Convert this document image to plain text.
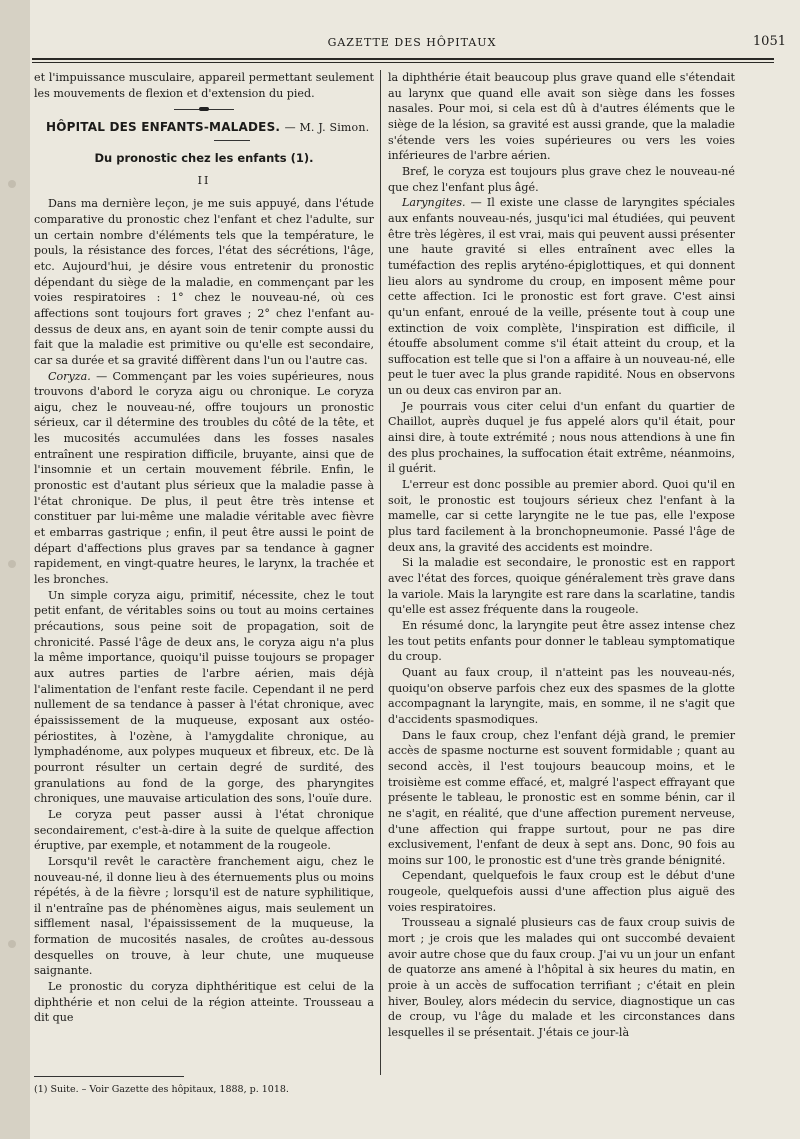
GAZETTE DES HÔPITAUX	1051

et l'impuissance musculaire, appareil permettant seulement les mouvements de flexion et d'extension du pied.

HÔPITAL DES ENFANTS-MALADES. — M. J. Simon.
Du pronostic chez les enfants (1).
II

Dans ma dernière leçon, je me suis appuyé, dans l'étude comparative du pronostic chez l'enfant et chez l'adulte, sur un certain nombre d'éléments tels que la température, le pouls, la résistance des forces, l'état des sécrétions, l'âge, etc. Aujourd'hui, je désire vous entretenir du pronostic dépendant du siège de la maladie, en commençant par les voies respiratoires : 1° chez le nouveau-né, où ces affections sont toujours fort graves ; 2° chez l'enfant au-dessus de deux ans, en ayant soin de tenir compte aussi du fait que la maladie est primitive ou qu'elle est secondaire, car sa durée et sa gravité diffèrent dans l'un ou l'autre cas.

Coryza. — Commençant par les voies supérieures, nous trouvons d'abord le coryza aigu ou chronique. Le coryza aigu, chez le nouveau-né, offre toujours un pronostic sérieux, car il détermine des troubles du côté de la tête, et les mucosités accumulées dans les fosses nasales entraînent une respiration difficile, bruyante, ainsi que de l'insomnie et un certain mouvement fébrile. Enfin, le pronostic est d'autant plus sérieux que la maladie passe à l'état chronique. De plus, il peut être très intense et constituer par lui-même une maladie véritable avec fièvre et embarras gastrique ; enfin, il peut être aussi le point de départ d'affections plus graves par sa tendance à gagner rapidement, en vingt-quatre heures, le larynx, la trachée et les bronches.

Un simple coryza aigu, primitif, nécessite, chez le tout petit enfant, de véritables soins ou tout au moins certaines précautions, sous peine soit de propagation, soit de chronicité. Passé l'âge de deux ans, le coryza aigu n'a plus la même importance, quoiqu'il puisse toujours se propager aux autres parties de l'arbre aérien, mais déjà l'alimentation de l'enfant reste facile. Cependant il ne perd nullement de sa tendance à passer à l'état chronique, avec épaississement de la muqueuse, exposant aux ostéo-périostites, à l'ozène, à l'amygdalite chronique, au lymphadénome, aux polypes muqueux et fibreux, etc. De là pourront résulter un certain degré de surdité, des granulations au fond de la gorge, des pharyngites chroniques, une mauvaise articulation des sons, l'ouïe dure.

Le coryza peut passer aussi à l'état chronique secondairement, c'est-à-dire à la suite de quelque affection éruptive, par exemple, et notamment de la rougeole.

Lorsqu'il revêt le caractère franchement aigu, chez le nouveau-né, il donne lieu à des éternuements plus ou moins répétés, à de la fièvre ; lorsqu'il est de nature syphilitique, il n'entraîne pas de phénomènes aigus, mais seulement un sifflement nasal, l'épaississement de la muqueuse, la formation de mucosités nasales, de croûtes au-dessous desquelles on trouve, à leur chute, une muqueuse saignante.

Le pronostic du coryza diphthéritique est celui de la diphthérie et non celui de la région atteinte. Trousseau a dit que

la diphthérie était beaucoup plus grave quand elle s'étendait au larynx que quand elle avait son siège dans les fosses nasales. Pour moi, si cela est dû à d'autres éléments que le siège de la lésion, sa gravité est aussi grande, que la maladie s'étende vers les voies supérieures ou vers les voies inférieures de l'arbre aérien.

Bref, le coryza est toujours plus grave chez le nouveau-né que chez l'enfant plus âgé.

Laryngites. — Il existe une classe de laryngites spéciales aux enfants nouveau-nés, jusqu'ici mal étudiées, qui peuvent être très légères, il est vrai, mais qui peuvent aussi présenter une haute gravité si elles entraînent avec elles la tuméfaction des replis aryténo-épiglottiques, et qui donnent lieu alors au syndrome du croup, en imposent même pour cette affection. Ici le pronostic est fort grave. C'est ainsi qu'un enfant, enroué de la veille, présente tout à coup une extinction de voix complète, l'inspiration est difficile, il étouffe absolument comme s'il était atteint du croup, et la suffocation est telle que si l'on a affaire à un nouveau-né, elle peut le tuer avec la plus grande rapidité. Nous en observons un ou deux cas environ par an.

Je pourrais vous citer celui d'un enfant du quartier de Chaillot, auprès duquel je fus appelé alors qu'il était, pour ainsi dire, à toute extrémité ; nous nous attendions à une fin des plus prochaines, la suffocation était extrême, néanmoins, il guérit.

L'erreur est donc possible au premier abord. Quoi qu'il en soit, le pronostic est toujours sérieux chez l'enfant à la mamelle, car si cette laryngite ne le tue pas, elle l'expose plus tard facilement à la bronchopneumonie. Passé l'âge de deux ans, la gravité des accidents est moindre.

Si la maladie est secondaire, le pronostic est en rapport avec l'état des forces, quoique généralement très grave dans la variole. Mais la laryngite est rare dans la scarlatine, tandis qu'elle est assez fréquente dans la rougeole.

En résumé donc, la laryngite peut être assez intense chez les tout petits enfants pour donner le tableau symptomatique du croup.

Quant au faux croup, il n'atteint pas les nouveau-nés, quoiqu'on observe parfois chez eux des spasmes de la glotte accompagnant la laryngite, mais, en somme, il ne s'agit que d'accidents spasmodiques.

Dans le faux croup, chez l'enfant déjà grand, le premier accès de spasme nocturne est souvent formidable ; quant au second accès, il l'est toujours beaucoup moins, et le troisième est comme effacé, et, malgré l'aspect effrayant que présente le tableau, le pronostic est en somme bénin, car il ne s'agit, en réalité, que d'une affection purement nerveuse, d'une affection qui frappe surtout, pour ne pas dire exclusivement, l'enfant de deux à sept ans. Donc, 90 fois au moins sur 100, le pronostic est d'une très grande bénignité.

Cependant, quelquefois le faux croup est le début d'une rougeole, quelquefois aussi d'une affection plus aiguë des voies respiratoires.

Trousseau a signalé plusieurs cas de faux croup suivis de mort ; je crois que les malades qui ont succombé devaient avoir autre chose que du faux croup. J'ai vu un jour un enfant de quatorze ans amené à l'hôpital à six heures du matin, en proie à un accès de suffocation terrifiant ; c'était en plein hiver, Bouley, alors médecin du service, diagnostique un cas de croup, vu l'âge du malade et les circonstances dans lesquelles il se présentait. J'étais ce jour-là

(1) Suite. – Voir Gazette des hôpitaux, 1888, p. 1018.
